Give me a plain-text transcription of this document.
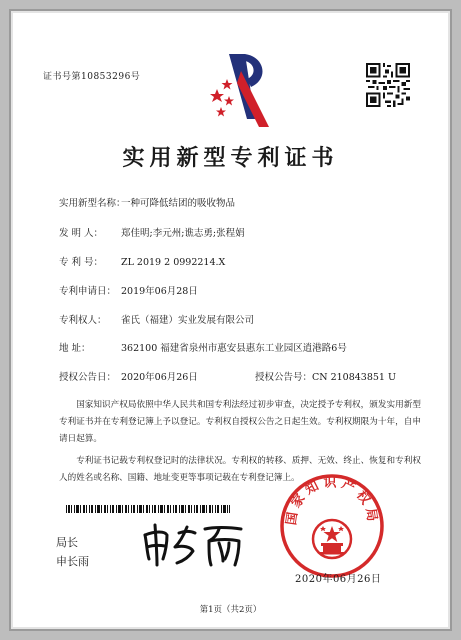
证书号第10853296号
实用新型专利证书
实用新型名称：一种可降低结团的吸收物品
发 明 人： 郑佳明;李元州;谯志勇;张程娟
专 利 号： ZL 2019 2 0992214.X
专利申请日： 2019年06月28日
专利权人： 雀氏（福建）实业发展有限公司
地 址：	362100 福建省泉州市惠安县惠东工业园区逍港路6号
授权公告日： 2020年06月26日	授权公告号：CN 210843851 U
国家知识产权局依照中华人民共和国专利法经过初步审查，决定授予专利权，颁发实用新型专利证书并在专利登记簿上予以登记。专利权自授权公告之日起生效。专利权期限为十年，自申请日起算。
专利证书记载专利权登记时的法律状况。专利权的转移、质押、无效、终止、恢复和专利权人的姓名或名称、国籍、地址变更等事项记载在专利登记簿上。
局长
申长雨
国家知识产权局
2020年06月26日
第1页（共2页）
